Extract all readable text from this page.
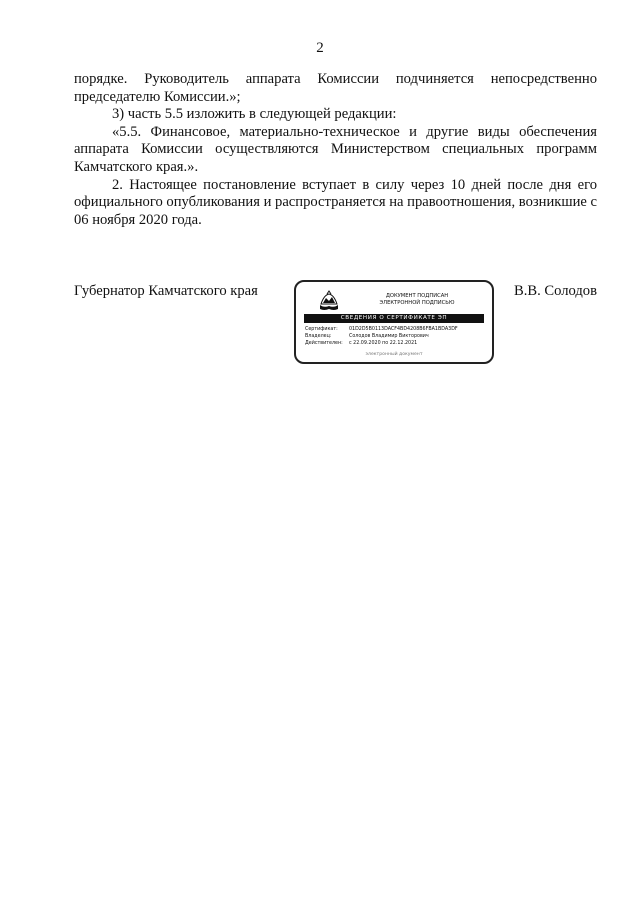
2

порядке. Руководитель аппарата Комиссии подчиняется непосредственно председателю Комиссии.»;

3) часть 5.5 изложить в следующей редакции:

«5.5. Финансовое, материально-техническое и другие виды обеспечения аппарата Комиссии осуществляются Министерством специальных программ Камчатского края.».

2. Настоящее постановление вступает в силу через 10 дней после дня его официального опубликования и распространяется на правоотношения, возникшие с 06 ноября 2020 года.

Губернатор Камчатского края	ДОКУМЕНТ ПОДПИСАН
ЭЛЕКТРОННОЙ ПОДПИСЬЮ
СВЕДЕНИЯ О СЕРТИФИКАТЕ ЭП
Сертификат:	01D2D5B0113DACF4BD4208B6FBA1BDA3DF
Владелец:	Солодов Владимир Викторович
Действителен:	с 22.09.2020 по 22.12.2021
электронный документ
В.В. Солодов
